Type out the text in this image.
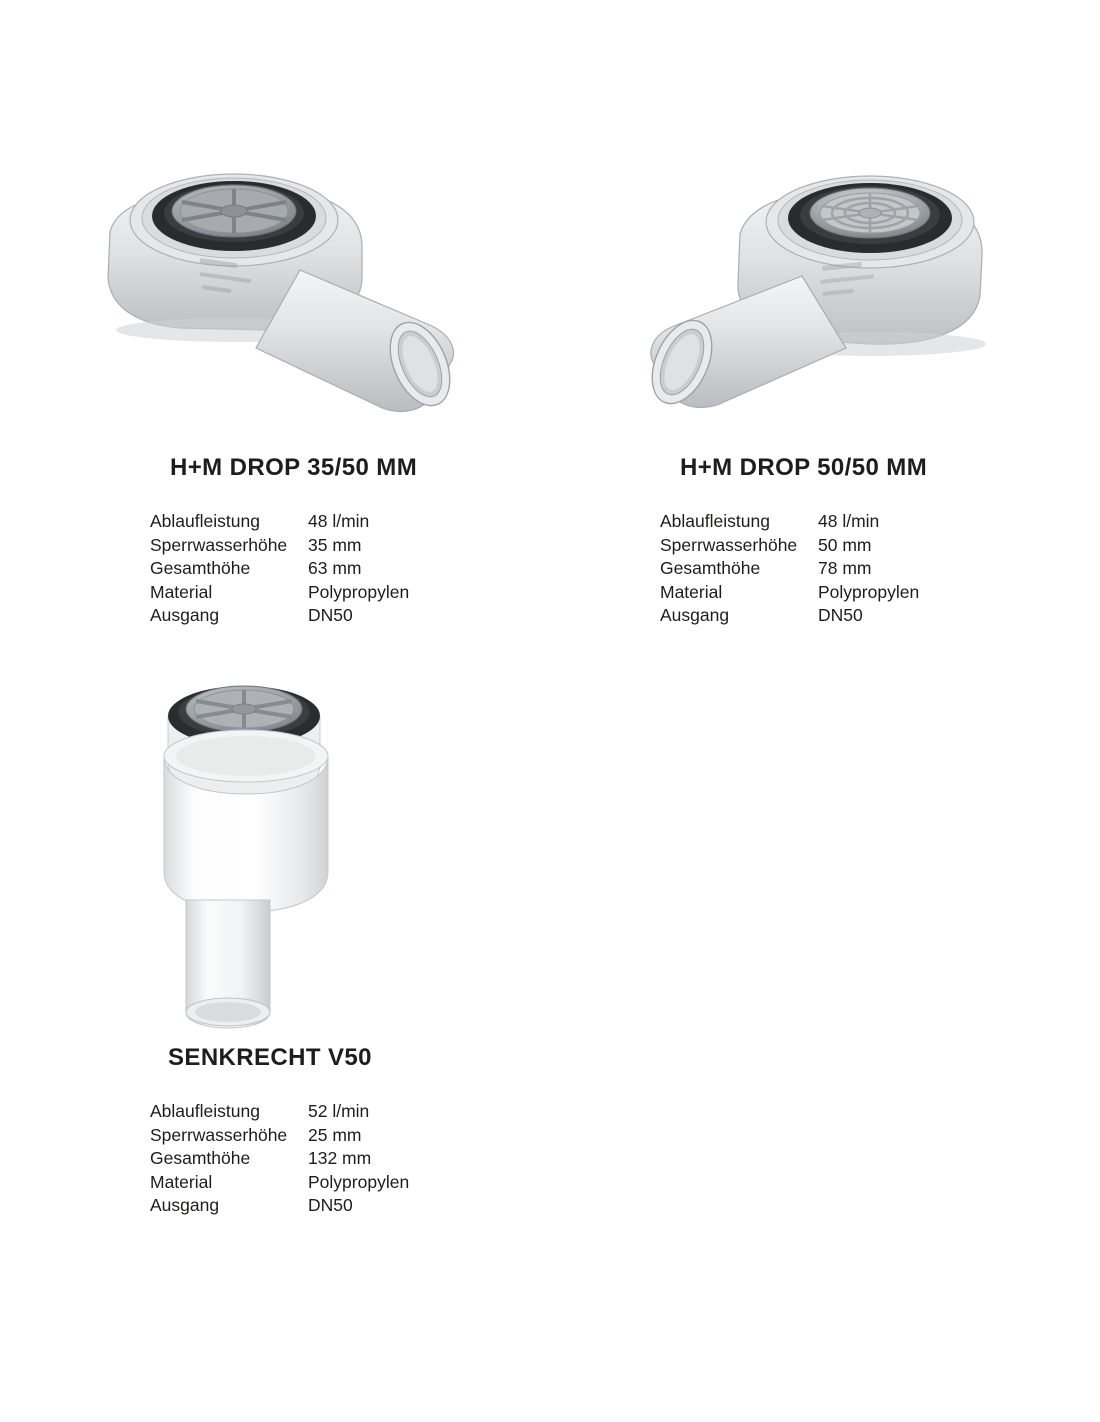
H+M DROP 35/50 MM
Ablaufleistung	48 l/min
Sperrwasserhöhe	35 mm
Gesamthöhe	63 mm
Material	Polypropylen
Ausgang	DN50
H+M DROP 50/50 MM
Ablaufleistung	48 l/min
Sperrwasserhöhe	50 mm
Gesamthöhe	78 mm
Material	Polypropylen
Ausgang	DN50
SENKRECHT V50
Ablaufleistung	52 l/min
Sperrwasserhöhe	25 mm
Gesamthöhe	132 mm
Material	Polypropylen
Ausgang	DN50
